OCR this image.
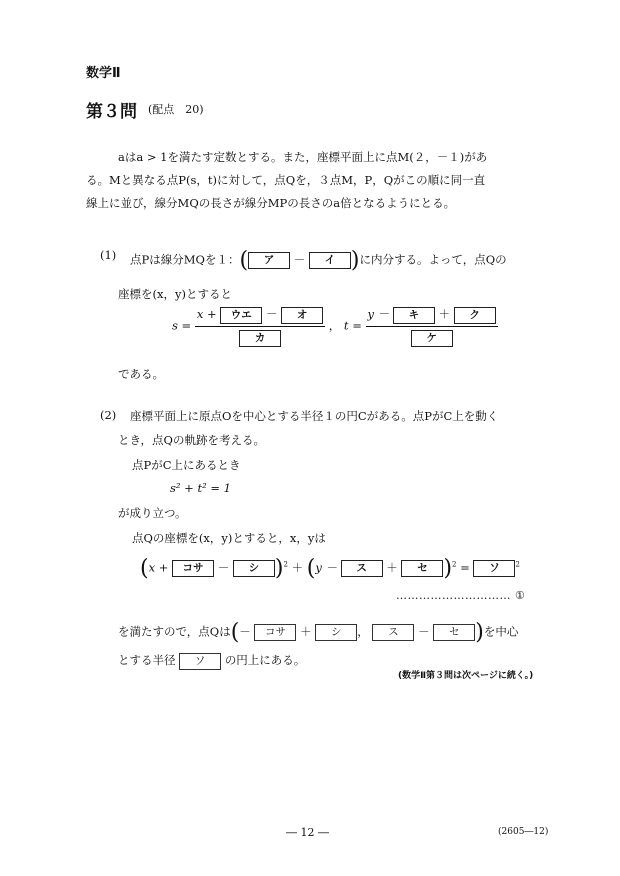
数学Ⅱ
第３問 (配点　20)
aはa > 1を満たす定数とする。また，座標平面上に点M(２，－１)があ
る。Mと異なる点P(s，t)に対して，点Qを，３点M，P，Qがこの順に同一直
線上に並び，線分MQの長さが線分MPの長さのa倍となるようにとる。
(1) 点Pは線分MQを１：( ア － イ )に内分する。よって，点Qの
座標を(x，y)とすると
$s = \frac{\text{x + ウエ － オ}}{\text{カ}}$ ， $t = \frac{\text{y － キ ＋ ク}}{\text{ケ}}$
である。
(2) 座標平面上に原点Oを中心とする半径１の円Cがある。点PがC上を動く
とき，点Qの軌跡を考える。
点PがC上にあるとき
s² + t² = 1
が成り立つ。
点Qの座標を(x，y)とすると，x，yは
(x + コサ － シ )$^2$ ＋ (y － ス ＋ セ )$^2$ = ソ $^2$
………………………… ①
を満たすので，点Qは(－ コサ ＋ シ ， ス － セ )を中心
とする半径 ソ の円上にある。
(数学Ⅱ第３問は次ページに続く。)
― 12 ―	(2605―12)
